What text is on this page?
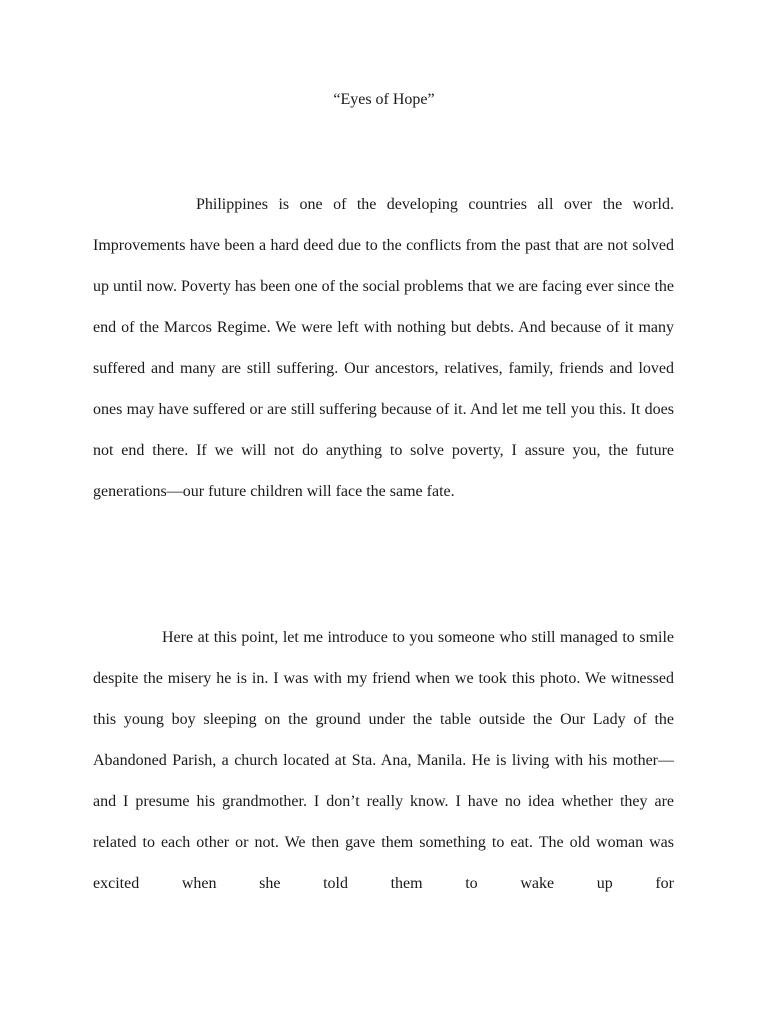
“Eyes of Hope”

Philippines is one of the developing countries all over the world. Improvements have been a hard deed due to the conflicts from the past that are not solved up until now. Poverty has been one of the social problems that we are facing ever since the end of the Marcos Regime. We were left with nothing but debts. And because of it many suffered and many are still suffering. Our ancestors, relatives, family, friends and loved ones may have suffered or are still suffering because of it. And let me tell you this. It does not end there. If we will not do anything to solve poverty, I assure you, the future generations—our future children will face the same fate.

Here at this point, let me introduce to you someone who still managed to smile despite the misery he is in. I was with my friend when we took this photo. We witnessed this young boy sleeping on the ground under the table outside the Our Lady of the Abandoned Parish, a church located at Sta. Ana, Manila. He is living with his mother—and I presume his grandmother. I don’t really know. I have no idea whether they are related to each other or not. We then gave them something to eat. The old woman was excited when she told them to wake up for
